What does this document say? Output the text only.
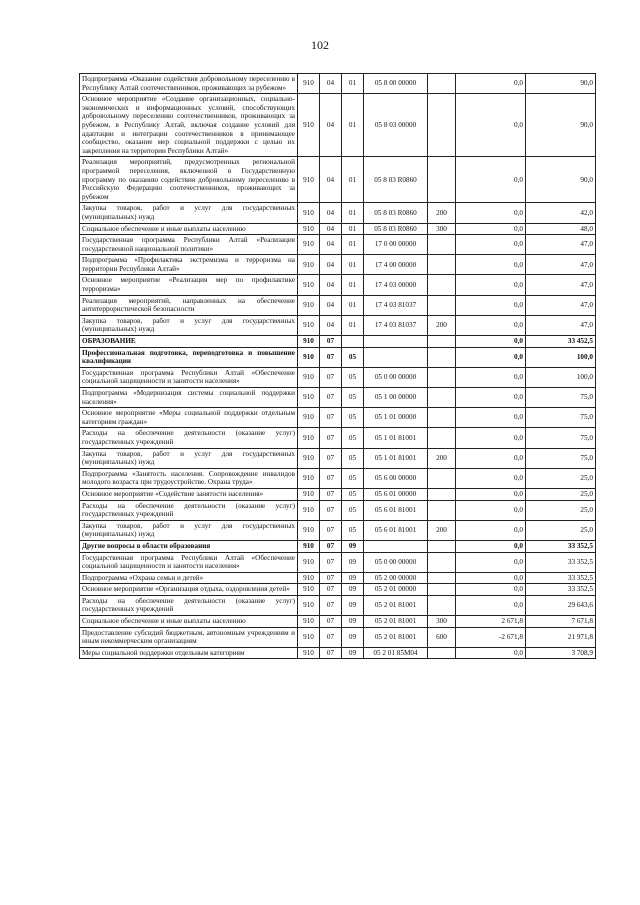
102
Подпрограмма «Оказание содействия добровольному переселению в Республику Алтай соотечественников, проживающих за рубежом»	910	04	01	05 8 00 00000		0,0	90,0
Основное мероприятие «Создание организационных, социально-экономических и информационных условий, способствующих добровольному переселению соотечественников, проживающих за рубежом, в Республику Алтай, включая создание условий для адаптации и интеграции соотечественников в принимающее сообщество, оказание мер социальной поддержки с целью их закрепления на территории Республики Алтай»	910	04	01	05 8 03 00000		0,0	90,0
Реализация мероприятий, предусмотренных региональной программой переселения, включенной в Государственную программу по оказанию содействия добровольному переселению в Российскую Федерацию соотечественников, проживающих за рубежом	910	04	01	05 8 03 R0860		0,0	90,0
Закупка товаров, работ и услуг для государственных (муниципальных) нужд	910	04	01	05 8 03 R0860	200	0,0	42,0
Социальное обеспечение и иные выплаты населению	910	04	01	05 8 03 R0860	300	0,0	48,0
Государственная программа Республики Алтай «Реализация государственной национальной политики»	910	04	01	17 0 00 00000		0,0	47,0
Подпрограмма «Профилактика экстремизма и терроризма на территории Республики Алтай»	910	04	01	17 4 00 00000		0,0	47,0
Основное мероприятие «Реализация мер по профилактике терроризма»	910	04	01	17 4 03 00000		0,0	47,0
Реализация мероприятий, направленных на обеспечение антитеррористической безопасности	910	04	01	17 4 03 81037		0,0	47,0
Закупка товаров, работ и услуг для государственных (муниципальных) нужд	910	04	01	17 4 03 81037	200	0,0	47,0
ОБРАЗОВАНИЕ	910	07				0,0	33 452,5
Профессиональная подготовка, переподготовка и повышение квалификации	910	07	05			0,0	100,0
Государственная программа Республики Алтай «Обеспечение социальной защищенности и занятости населения»	910	07	05	05 0 00 00000		0,0	100,0
Подпрограмма «Модернизация системы социальной поддержки населения»	910	07	05	05 1 00 00000		0,0	75,0
Основное мероприятие «Меры социальной поддержки отдельным категориям граждан»	910	07	05	05 1 01 00000		0,0	75,0
Расходы на обеспечение деятельности (оказание услуг) государственных учреждений	910	07	05	05 1 01 81001		0,0	75,0
Закупка товаров, работ и услуг для государственных (муниципальных) нужд	910	07	05	05 1 01 81001	200	0,0	75,0
Подпрограмма «Занятость населения. Сопровождение инвалидов молодого возраста при трудоустройстве. Охрана труда»	910	07	05	05 6 00 00000		0,0	25,0
Основное мероприятие «Содействие занятости населения»	910	07	05	05 6 01 00000		0,0	25,0
Расходы на обеспечение деятельности (оказание услуг) государственных учреждений	910	07	05	05 6 01 81001		0,0	25,0
Закупка товаров, работ и услуг для государственных (муниципальных) нужд	910	07	05	05 6 01 81001	200	0,0	25,0
Другие вопросы в области образования	910	07	09			0,0	33 352,5
Государственная программа Республики Алтай «Обеспечение социальной защищенности и занятости населения»	910	07	09	05 0 00 00000		0,0	33 352,5
Подпрограмма «Охрана семьи и детей»	910	07	09	05 2 00 00000		0,0	33 352,5
Основное мероприятие «Организация отдыха, оздоровления детей»	910	07	09	05 2 01 00000		0,0	33 352,5
Расходы на обеспечение деятельности (оказание услуг) государственных учреждений	910	07	09	05 2 01 81001		0,0	29 643,6
Социальное обеспечение и иные выплаты населению	910	07	09	05 2 01 81001	300	2 671,8	7 671,8
Предоставление субсидий бюджетным, автономным учреждениям и иным некоммерческим организациям	910	07	09	05 2 01 81001	600	-2 671,8	21 971,8
Меры социальной поддержки отдельным категориям	910	07	09	05 2 01 85М04		0,0	3 708,9
